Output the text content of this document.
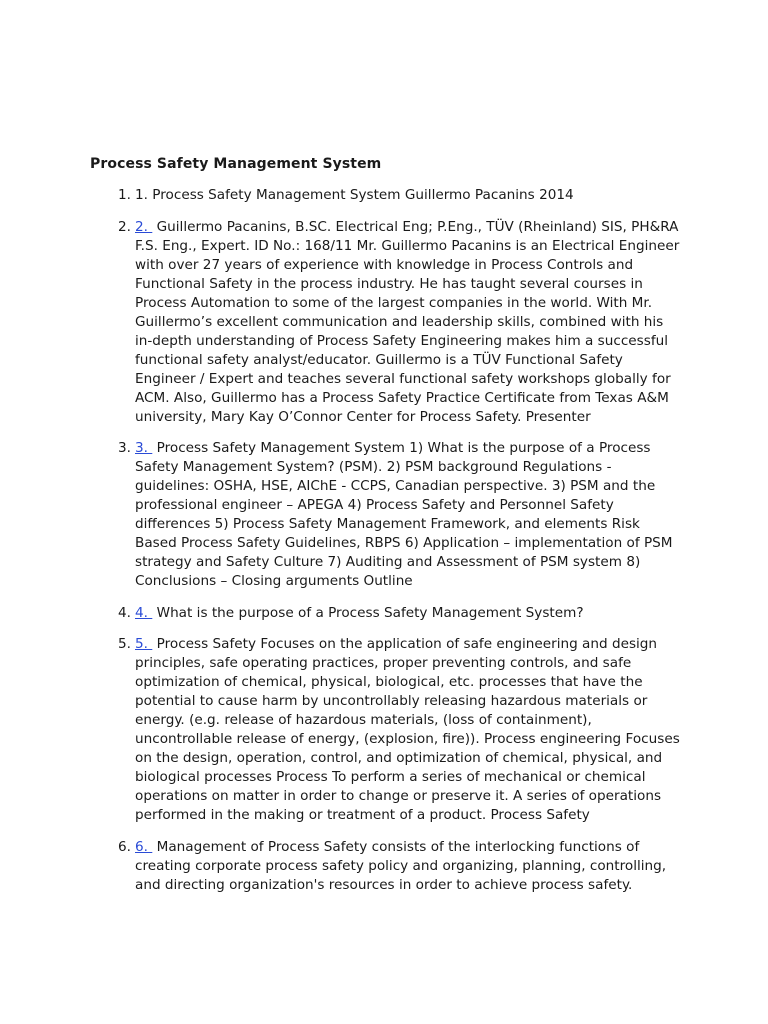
Process Safety Management System
1. 1. Process Safety Management System Guillermo Pacanins 2014
2. 2.  Guillermo Pacanins, B.SC. Electrical Eng; P.Eng., TÜV (Rheinland) SIS, PH&RA F.S. Eng., Expert. ID No.: 168/11 Mr. Guillermo Pacanins is an Electrical Engineer with over 27 years of experience with knowledge in Process Controls and Functional Safety in the process industry. He has taught several courses in Process Automation to some of the largest companies in the world. With Mr. Guillermo’s excellent communication and leadership skills, combined with his in-depth understanding of Process Safety Engineering makes him a successful functional safety analyst/educator. Guillermo is a TÜV Functional Safety Engineer / Expert and teaches several functional safety workshops globally for ACM. Also, Guillermo has a Process Safety Practice Certificate from Texas A&M university, Mary Kay O’Connor Center for Process Safety. Presenter
3. 3.  Process Safety Management System 1) What is the purpose of a Process Safety Management System? (PSM). 2) PSM background Regulations - guidelines: OSHA, HSE, AIChE - CCPS, Canadian perspective. 3) PSM and the professional engineer – APEGA 4) Process Safety and Personnel Safety differences 5) Process Safety Management Framework, and elements Risk Based Process Safety Guidelines, RBPS 6) Application – implementation of PSM strategy and Safety Culture 7) Auditing and Assessment of PSM system 8) Conclusions – Closing arguments Outline
4. 4.  What is the purpose of a Process Safety Management System?
5. 5.  Process Safety Focuses on the application of safe engineering and design principles, safe operating practices, proper preventing controls, and safe optimization of chemical, physical, biological, etc. processes that have the potential to cause harm by uncontrollably releasing hazardous materials or energy. (e.g. release of hazardous materials, (loss of containment), uncontrollable release of energy, (explosion, fire)). Process engineering Focuses on the design, operation, control, and optimization of chemical, physical, and biological processes Process To perform a series of mechanical or chemical operations on matter in order to change or preserve it. A series of operations performed in the making or treatment of a product. Process Safety
6. 6.  Management of Process Safety consists of the interlocking functions of creating corporate process safety policy and organizing, planning, controlling, and directing organization's resources in order to achieve process safety.
